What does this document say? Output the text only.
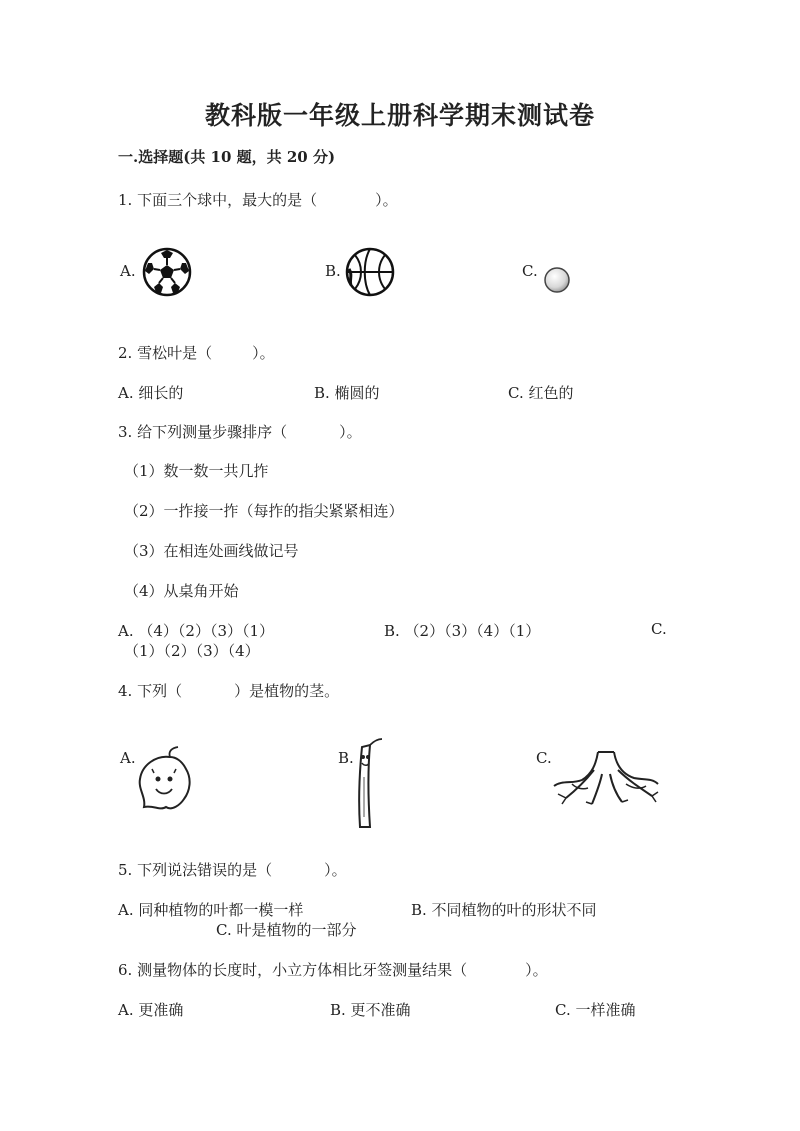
教科版一年级上册科学期末测试卷
一.选择题(共 10 题，共 20 分)
1. 下面三个球中，最大的是（	）。
A.	B.	C.
2. 雪松叶是（	）。
A. 细长的	B. 椭圆的	C. 红色的
3. 给下列测量步骤排序（	）。
（1）数一数一共几拃
（2）一拃接一拃（每拃的指尖紧紧相连）
（3）在相连处画线做记号
（4）从桌角开始
A. （4）（2）（3）（1）	B. （2）（3）（4）（1）	C.
（1）（2）（3）（4）
4. 下列（	）是植物的茎。
A.	B.	C.
5. 下列说法错误的是（	）。
A. 同种植物的叶都一模一样	B. 不同植物的叶的形状不同
C. 叶是植物的一部分
6. 测量物体的长度时，小立方体相比牙签测量结果（	）。
A. 更准确	B. 更不准确	C. 一样准确
